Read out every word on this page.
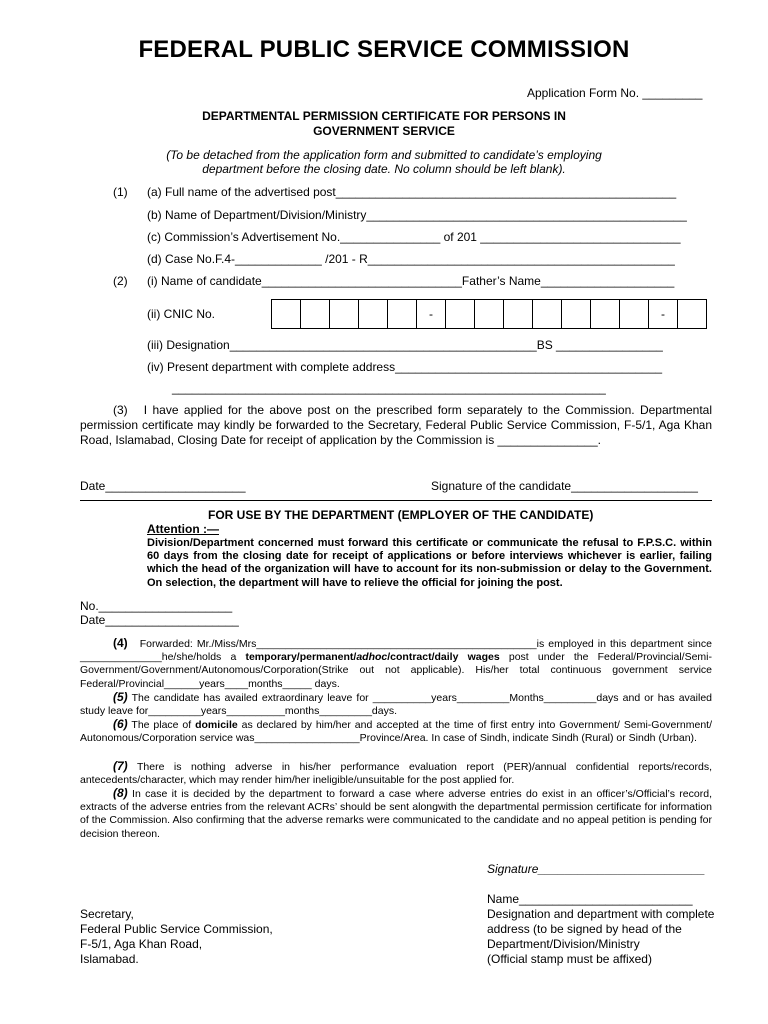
FEDERAL PUBLIC SERVICE COMMISSION
Application Form No. _________
DEPARTMENTAL PERMISSION CERTIFICATE FOR PERSONS IN
GOVERNMENT SERVICE
(To be detached from the application form and submitted to candidate’s employing
department before the closing date. No column should be left blank).
(1) (a) Full name of the advertised post___________________________________________________
(b) Name of Department/Division/Ministry________________________________________________
(c) Commission’s Advertisement No._______________ of 201 ______________________________
(d) Case No.F.4-_____________ /201 - R______________________________________________
(2) (i) Name of candidate______________________________Father’s Name____________________
(ii) CNIC No.
						-								-	
(iii) Designation______________________________________________BS ________________
(iv) Present department with complete address________________________________________
_________________________________________________________________
(3) I have applied for the above post on the prescribed form separately to the Commission. Departmental permission certificate may kindly be forwarded to the Secretary, Federal Public Service Commission, F-5/1, Aga Khan Road, Islamabad, Closing Date for receipt of application by the Commission is _______________.
Date_____________________	Signature of the candidate___________________
FOR USE BY THE DEPARTMENT (EMPLOYER OF THE CANDIDATE)
Attention :—
Division/Department concerned must forward this certificate or communicate the refusal to F.P.S.C. within 60 days from the closing date for receipt of applications or before interviews whichever is earlier, failing which the head of the organization will have to account for its non-submission or delay to the Government. On selection, the department will have to relieve the official for joining the post.
No.____________________
Date____________________
(4) Forwarded: Mr./Miss/Mrs________________________________________________is employed in this department since ______________he/she/holds a temporary/permanent/adhoc/contract/daily wages post under the Federal/Provincial/Semi-Government/Government/Autonomous/Corporation(Strike out not applicable). His/her total continuous government service Federal/Provincial______years____months_____ days.
(5) The candidate has availed extraordinary leave for __________years_________Months_________days and or has availed study leave for_________years__________months_________days.
(6) The place of domicile as declared by him/her and accepted at the time of first entry into Government/ Semi-Government/ Autonomous/Corporation service was__________________Province/Area. In case of Sindh, indicate Sindh (Rural) or Sindh (Urban).
(7) There is nothing adverse in his/her performance evaluation report (PER)/annual confidential reports/records, antecedents/character, which may render him/her ineligible/unsuitable for the post applied for.
(8) In case it is decided by the department to forward a case where adverse entries do exist in an officer’s/Official’s record, extracts of the adverse entries from the relevant ACRs’ should be sent alongwith the departmental permission certificate for information of the Commission. Also confirming that the adverse remarks were communicated to the candidate and no appeal petition is pending for decision thereon.
Signature_________________________
Name__________________________
Designation and department with complete
address (to be signed by head of the
Department/Division/Ministry
(Official stamp must be affixed)
Secretary,
Federal Public Service Commission,
F-5/1, Aga Khan Road,
Islamabad.
